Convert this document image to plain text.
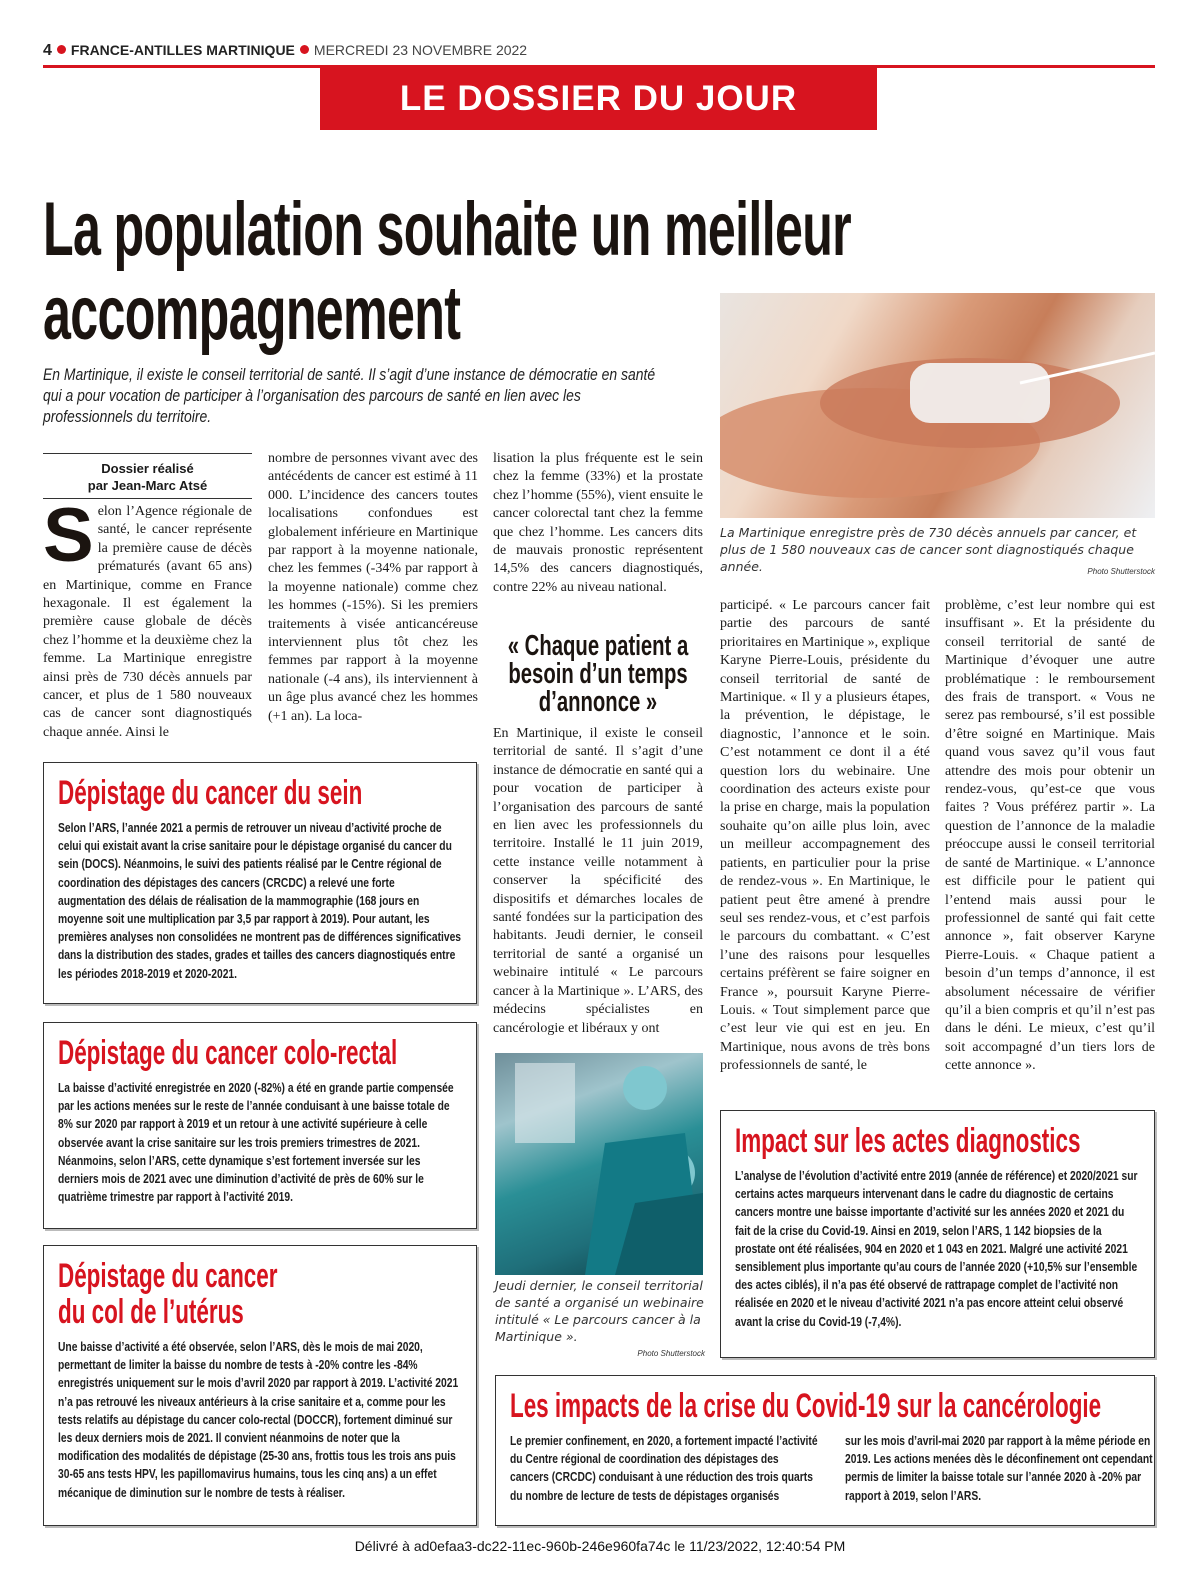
4 FRANCE-ANTILLES MARTINIQUE MERCREDI 23 NOVEMBRE 2022
LE DOSSIER DU JOUR
La population souhaite un meilleur
accompagnement
En Martinique, il existe le conseil territorial de santé. Il s’agit d’une instance de démocratie en santé qui a pour vocation de participer à l’organisation des parcours de santé en lien avec les professionnels du territoire.
La Martinique enregistre près de 730 décès annuels par cancer, et plus de 1 580 nouveaux cas de cancer sont diagnostiqués chaque année.	Photo Shutterstock
Dossier réalisé
par Jean-Marc Atsé
Selon l’Agence régionale de santé, le cancer représente la première cause de décès prématurés (avant 65 ans) en Martinique, comme en France hexagonale. Il est également la première cause globale de décès chez l’homme et la deuxième chez la femme. La Martinique enregistre ainsi près de 730 décès annuels par cancer, et plus de 1 580 nouveaux cas de cancer sont diagnostiqués chaque année. Ainsi le
nombre de personnes vivant avec des antécédents de cancer est estimé à 11 000. L’incidence des cancers toutes localisations confondues est globalement inférieure en Martinique par rapport à la moyenne nationale, chez les femmes (-34% par rapport à la moyenne nationale) comme chez les hommes (-15%). Si les premiers traitements à visée anticancéreuse interviennent plus tôt chez les femmes par rapport à la moyenne nationale (-4 ans), ils interviennent à un âge plus avancé chez les hommes (+1 an). La loca-
lisation la plus fréquente est le sein chez la femme (33%) et la prostate chez l’homme (55%), vient ensuite le cancer colorectal tant chez la femme que chez l’homme. Les cancers dits de mauvais pronostic représentent 14,5% des cancers diagnostiqués, contre 22% au niveau national.
« Chaque patient a besoin d’un temps d’annonce »
En Martinique, il existe le conseil territorial de santé. Il s’agit d’une instance de démocratie en santé qui a pour vocation de participer à l’organisation des parcours de santé en lien avec les professionnels du territoire. Installé le 11 juin 2019, cette instance veille notamment à conserver la spécificité des dispositifs et démarches locales de santé fondées sur la participation des habitants. Jeudi dernier, le conseil territorial de santé a organisé un webinaire intitulé « Le parcours cancer à la Martinique ». L’ARS, des médecins spécialistes en cancérologie et libéraux y ont
participé. « Le parcours cancer fait partie des parcours de santé prioritaires en Martinique », explique Karyne Pierre-Louis, présidente du conseil territorial de santé de Martinique. « Il y a plusieurs étapes, la prévention, le dépistage, le diagnostic, l’annonce et le soin. C’est notamment ce dont il a été question lors du webinaire. Une coordination des acteurs existe pour la prise en charge, mais la population souhaite qu’on aille plus loin, avec un meilleur accompagnement des patients, en particulier pour la prise de rendez-vous ». En Martinique, le patient peut être amené à prendre seul ses rendez-vous, et c’est parfois le parcours du combattant. « C’est l’une des raisons pour lesquelles certains préfèrent se faire soigner en France », poursuit Karyne Pierre-Louis. « Tout simplement parce que c’est leur vie qui est en jeu. En Martinique, nous avons de très bons professionnels de santé, le
problème, c’est leur nombre qui est insuffisant ». Et la présidente du conseil territorial de santé de Martinique d’évoquer une autre problématique : le remboursement des frais de transport. « Vous ne serez pas remboursé, s’il est possible d’être soigné en Martinique. Mais quand vous savez qu’il vous faut attendre des mois pour obtenir un rendez-vous, qu’est-ce que vous faites ? Vous préférez partir ». La question de l’annonce de la maladie préoccupe aussi le conseil territorial de santé de Martinique. « L’annonce est difficile pour le patient qui l’entend mais aussi pour le professionnel de santé qui fait cette annonce », fait observer Karyne Pierre-Louis. « Chaque patient a besoin d’un temps d’annonce, il est absolument nécessaire de vérifier qu’il a bien compris et qu’il n’est pas dans le déni. Le mieux, c’est qu’il soit accompagné d’un tiers lors de cette annonce ».
Jeudi dernier, le conseil territorial de santé a organisé un webinaire intitulé « Le parcours cancer à la Martinique ».
Photo Shutterstock
Dépistage du cancer du sein

Selon l’ARS, l’année 2021 a permis de retrouver un niveau d’activité proche de celui qui existait avant la crise sanitaire pour le dépistage organisé du cancer du sein (DOCS). Néanmoins, le suivi des patients réalisé par le Centre régional de coordination des dépistages des cancers (CRCDC) a relevé une forte augmentation des délais de réalisation de la mammographie (168 jours en moyenne soit une multiplication par 3,5 par rapport à 2019). Pour autant, les premières analyses non consolidées ne montrent pas de différences significatives dans la distribution des stades, grades et tailles des cancers diagnostiqués entre les périodes 2018-2019 et 2020-2021.

Dépistage du cancer colo-rectal

La baisse d’activité enregistrée en 2020 (-82%) a été en grande partie compensée par les actions menées sur le reste de l’année conduisant à une baisse totale de 8% sur 2020 par rapport à 2019 et un retour à une activité supérieure à celle observée avant la crise sanitaire sur les trois premiers trimestres de 2021. Néanmoins, selon l’ARS, cette dynamique s’est fortement inversée sur les derniers mois de 2021 avec une diminution d’activité de près de 60% sur le quatrième trimestre par rapport à l’activité 2019.

Dépistage du cancer
du col de l’utérus

Une baisse d’activité a été observée, selon l’ARS, dès le mois de mai 2020, permettant de limiter la baisse du nombre de tests à -20% contre les -84% enregistrés uniquement sur le mois d’avril 2020 par rapport à 2019. L’activité 2021 n’a pas retrouvé les niveaux antérieurs à la crise sanitaire et a, comme pour les tests relatifs au dépistage du cancer colo-rectal (DOCCR), fortement diminué sur les deux derniers mois de 2021. Il convient néanmoins de noter que la modification des modalités de dépistage (25-30 ans, frottis tous les trois ans puis 30-65 ans tests HPV, les papillomavirus humains, tous les cinq ans) a un effet mécanique de diminution sur le nombre de tests à réaliser.

Impact sur les actes diagnostics

L’analyse de l’évolution d’activité entre 2019 (année de référence) et 2020/2021 sur certains actes marqueurs intervenant dans le cadre du diagnostic de certains cancers montre une baisse importante d’activité sur les années 2020 et 2021 du fait de la crise du Covid-19. Ainsi en 2019, selon l’ARS, 1 142 biopsies de la prostate ont été réalisées, 904 en 2020 et 1 043 en 2021. Malgré une activité 2021 sensiblement plus importante qu’au cours de l’année 2020 (+10,5% sur l’ensemble des actes ciblés), il n’a pas été observé de rattrapage complet de l’activité non réalisée en 2020 et le niveau d’activité 2021 n’a pas encore atteint celui observé avant la crise du Covid-19 (-7,4%).

Les impacts de la crise du Covid-19 sur la cancérologie

Le premier confinement, en 2020, a fortement impacté l’activité du Centre régional de coordination des dépistages des cancers (CRCDC) conduisant à une réduction des trois quarts du nombre de lecture de tests de dépistages organisés

sur les mois d’avril-mai 2020 par rapport à la même période en 2019. Les actions menées dès le déconfinement ont cependant permis de limiter la baisse totale sur l’année 2020 à -20% par rapport à 2019, selon l’ARS.

Délivré à ad0efaa3-dc22-11ec-960b-246e960fa74c le 11/23/2022, 12:40:54 PM
